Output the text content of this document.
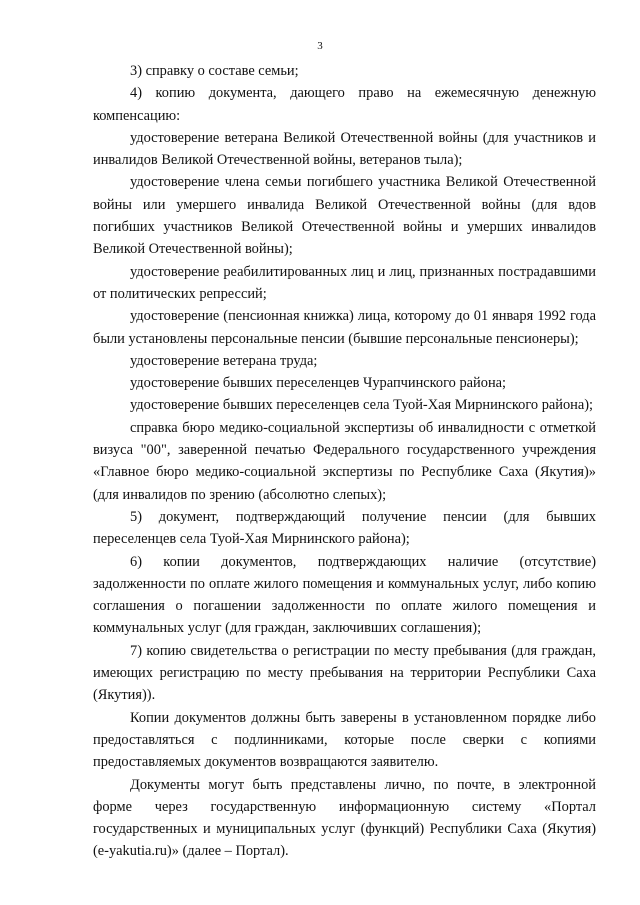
3

3) справку о составе семьи;

4) копию документа, дающего право на ежемесячную денежную компенсацию:

удостоверение ветерана Великой Отечественной войны (для участников и инвалидов Великой Отечественной войны, ветеранов тыла);

удостоверение члена семьи погибшего участника Великой Отечественной войны или умершего инвалида Великой Отечественной войны (для вдов погибших участников Великой Отечественной войны и умерших инвалидов Великой Отечественной войны);

удостоверение реабилитированных лиц и лиц, признанных пострадавшими от политических репрессий;

удостоверение (пенсионная книжка) лица, которому до 01 января 1992 года были установлены персональные пенсии (бывшие персональные пенсионеры);

удостоверение ветерана труда;

удостоверение бывших переселенцев Чурапчинского района;

удостоверение бывших переселенцев села Туой-Хая Мирнинского района);

справка бюро медико-социальной экспертизы об инвалидности с отметкой визуса "00", заверенной печатью Федерального государственного учреждения «Главное бюро медико-социальной экспертизы по Республике Саха (Якутия)» (для инвалидов по зрению (абсолютно слепых);

5) документ, подтверждающий получение пенсии (для бывших переселенцев села Туой-Хая Мирнинского района);

6) копии документов, подтверждающих наличие (отсутствие) задолженности по оплате жилого помещения и коммунальных услуг, либо копию соглашения о погашении задолженности по оплате жилого помещения и коммунальных услуг (для граждан, заключивших соглашения);

7) копию свидетельства о регистрации по месту пребывания (для граждан, имеющих регистрацию по месту пребывания на территории Республики Саха (Якутия)).

Копии документов должны быть заверены в установленном порядке либо предоставляться с подлинниками, которые после сверки с копиями предоставляемых документов возвращаются заявителю.

Документы могут быть представлены лично, по почте, в электронной форме через государственную информационную систему «Портал государственных и муниципальных услуг (функций) Республики Саха (Якутия) (e-yakutia.ru)» (далее – Портал).
